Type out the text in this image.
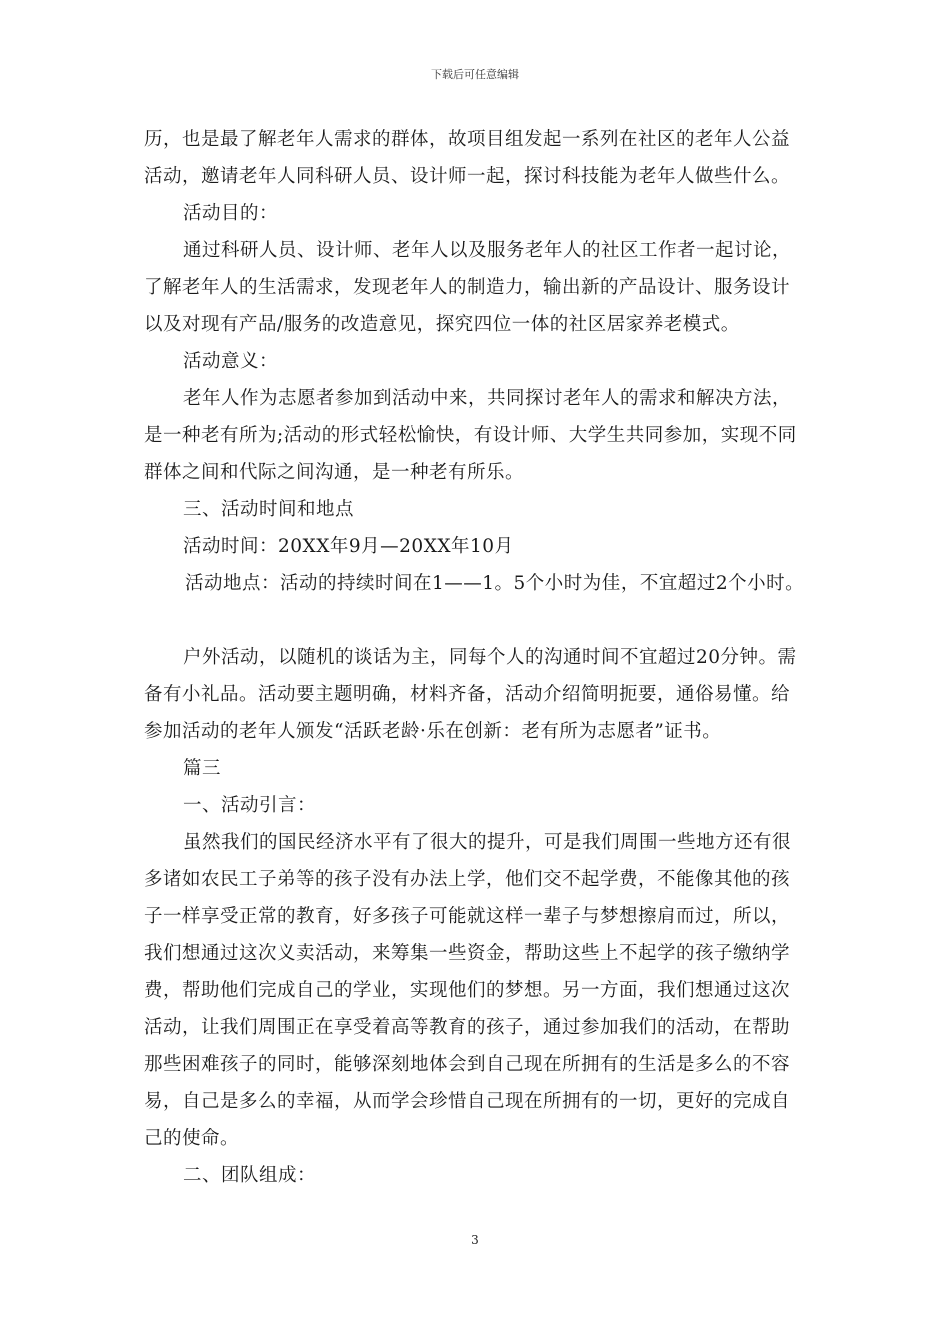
下载后可任意编辑
历，也是最了解老年人需求的群体，故项目组发起一系列在社区的老年人公益
活动，邀请老年人同科研人员、设计师一起，探讨科技能为老年人做些什么。
活动目的：
通过科研人员、设计师、老年人以及服务老年人的社区工作者一起讨论，
了解老年人的生活需求，发现老年人的制造力，输出新的产品设计、服务设计
以及对现有产品/服务的改造意见，探究四位一体的社区居家养老模式。
活动意义：
老年人作为志愿者参加到活动中来，共同探讨老年人的需求和解决方法，
是一种老有所为;活动的形式轻松愉快，有设计师、大学生共同参加，实现不同
群体之间和代际之间沟通，是一种老有所乐。
三、活动时间和地点
活动时间：20XX年9月—20XX年10月
活动地点：活动的持续时间在1——1。5个小时为佳，不宜超过2个小时。
户外活动，以随机的谈话为主，同每个人的沟通时间不宜超过20分钟。需
备有小礼品。活动要主题明确，材料齐备，活动介绍简明扼要，通俗易懂。给
参加活动的老年人颁发“活跃老龄·乐在创新：老有所为志愿者”证书。
篇三
一、活动引言：
虽然我们的国民经济水平有了很大的提升，可是我们周围一些地方还有很
多诸如农民工子弟等的孩子没有办法上学，他们交不起学费，不能像其他的孩
子一样享受正常的教育，好多孩子可能就这样一辈子与梦想擦肩而过，所以，
我们想通过这次义卖活动，来筹集一些资金，帮助这些上不起学的孩子缴纳学
费，帮助他们完成自己的学业，实现他们的梦想。另一方面，我们想通过这次
活动，让我们周围正在享受着高等教育的孩子，通过参加我们的活动，在帮助
那些困难孩子的同时，能够深刻地体会到自己现在所拥有的生活是多么的不容
易，自己是多么的幸福，从而学会珍惜自己现在所拥有的一切，更好的完成自
己的使命。
二、团队组成：
3
